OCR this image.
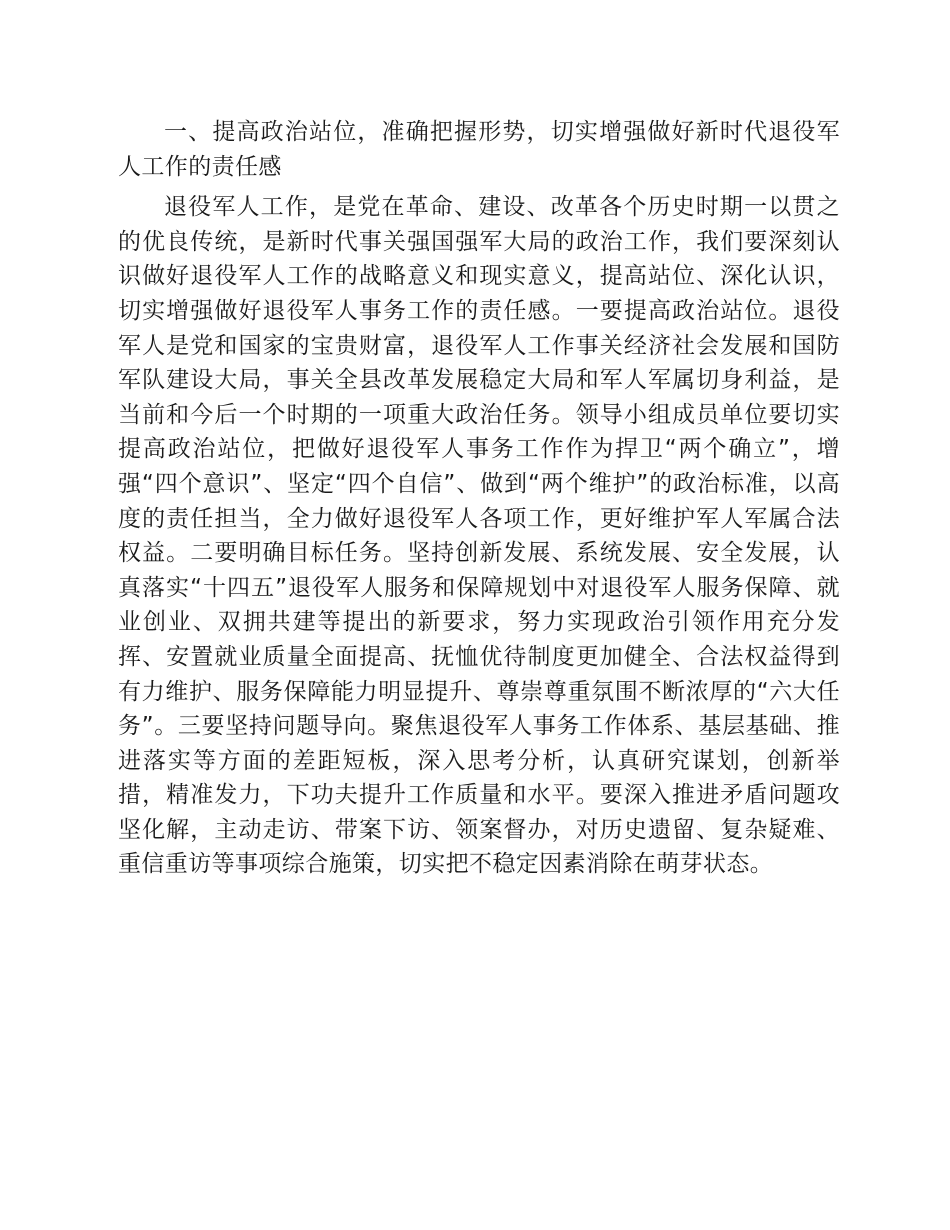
一、提高政治站位，准确把握形势，切实增强做好新时代退役军人工作的责任感

退役军人工作，是党在革命、建设、改革各个历史时期一以贯之的优良传统，是新时代事关强国强军大局的政治工作，我们要深刻认识做好退役军人工作的战略意义和现实意义，提高站位、深化认识，切实增强做好退役军人事务工作的责任感。一要提高政治站位。退役军人是党和国家的宝贵财富，退役军人工作事关经济社会发展和国防军队建设大局，事关全县改革发展稳定大局和军人军属切身利益，是当前和今后一个时期的一项重大政治任务。领导小组成员单位要切实提高政治站位，把做好退役军人事务工作作为捍卫“两个确立”，增强“四个意识”、坚定“四个自信”、做到“两个维护”的政治标准，以高度的责任担当，全力做好退役军人各项工作，更好维护军人军属合法权益。二要明确目标任务。坚持创新发展、系统发展、安全发展，认真落实“十四五”退役军人服务和保障规划中对退役军人服务保障、就业创业、双拥共建等提出的新要求，努力实现政治引领作用充分发挥、安置就业质量全面提高、抚恤优待制度更加健全、合法权益得到有力维护、服务保障能力明显提升、尊崇尊重氛围不断浓厚的“六大任务”。三要坚持问题导向。聚焦退役军人事务工作体系、基层基础、推进落实等方面的差距短板，深入思考分析，认真研究谋划，创新举措，精准发力，下功夫提升工作质量和水平。要深入推进矛盾问题攻坚化解，主动走访、带案下访、领案督办，对历史遗留、复杂疑难、重信重访等事项综合施策，切实把不稳定因素消除在萌芽状态。
